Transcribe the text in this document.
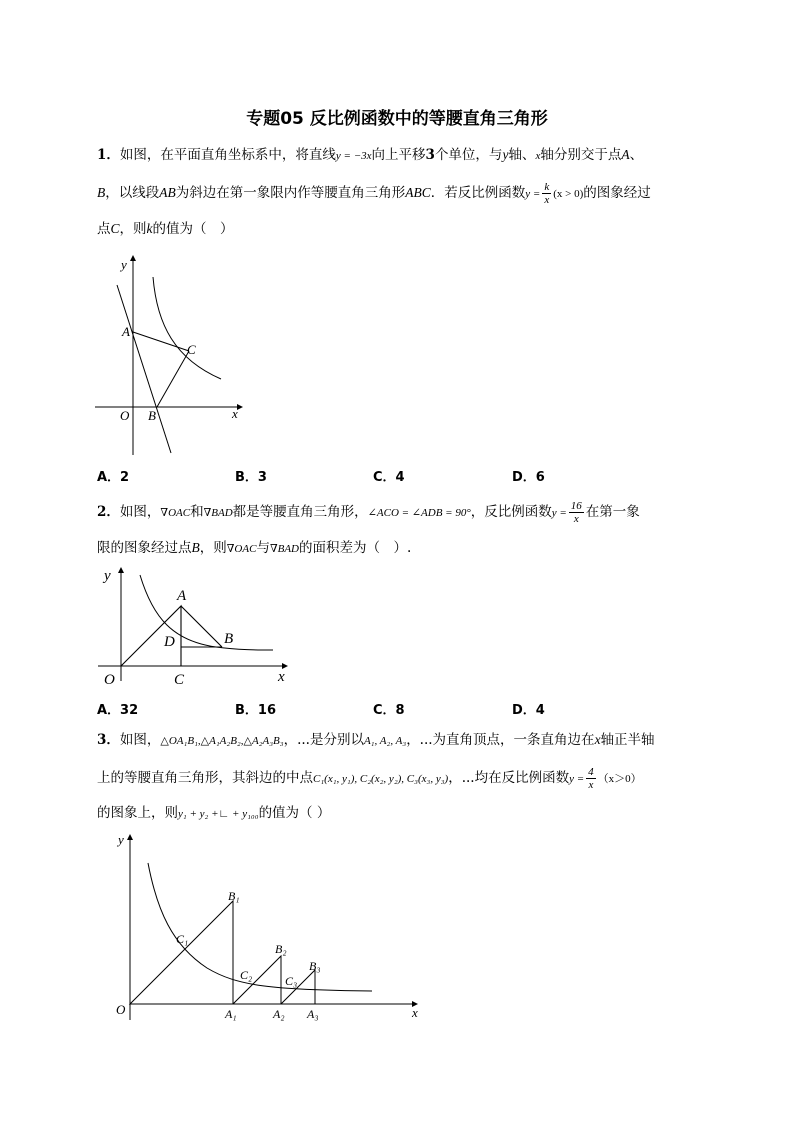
专题05 反比例函数中的等腰直角三角形
1．如图，在平面直角坐标系中，将直线y = −3x向上平移3个单位，与y轴、x轴分别交于点A、
B，以线段AB为斜边在第一象限内作等腰直角三角形ABC．若反比例函数$y = \frac{k}{x} (x > 0)$的图象经过
点C，则k的值为（　）
y
x
O
A
B
C
A．2	B．3	C．4	D．6
2．如图，∇OAC和∇BAD都是等腰直角三角形，∠ACO = ∠ADB = 90°，反比例函数$y = \frac{16}{x}$ 在第一象
限的图象经过点B，则∇OAC与∇BAD的面积差为（　）.
y
x
O
A
B
C
D
A．32	B．16	C．8	D．4
3．如图，△OA₁B₁,△A₁A₂B₂,△A₂A₃B₃，...是分别以A₁, A₂, A₃，...为直角顶点，一条直角边在x轴正半轴
上的等腰直角三角形，其斜边的中点C₁(x₁, y₁), C₂(x₂, y₂), C₃(x₃, y₃)，...均在反比例函数$y = \frac{4}{x} (x>0)$
的图象上，则y₁ + y₂ +∟ + y₁₀₀的值为（ ）
y
x
O
B₁
B₂
B₃
C₁
C₂	C₃
A₁	A₂ A₃
